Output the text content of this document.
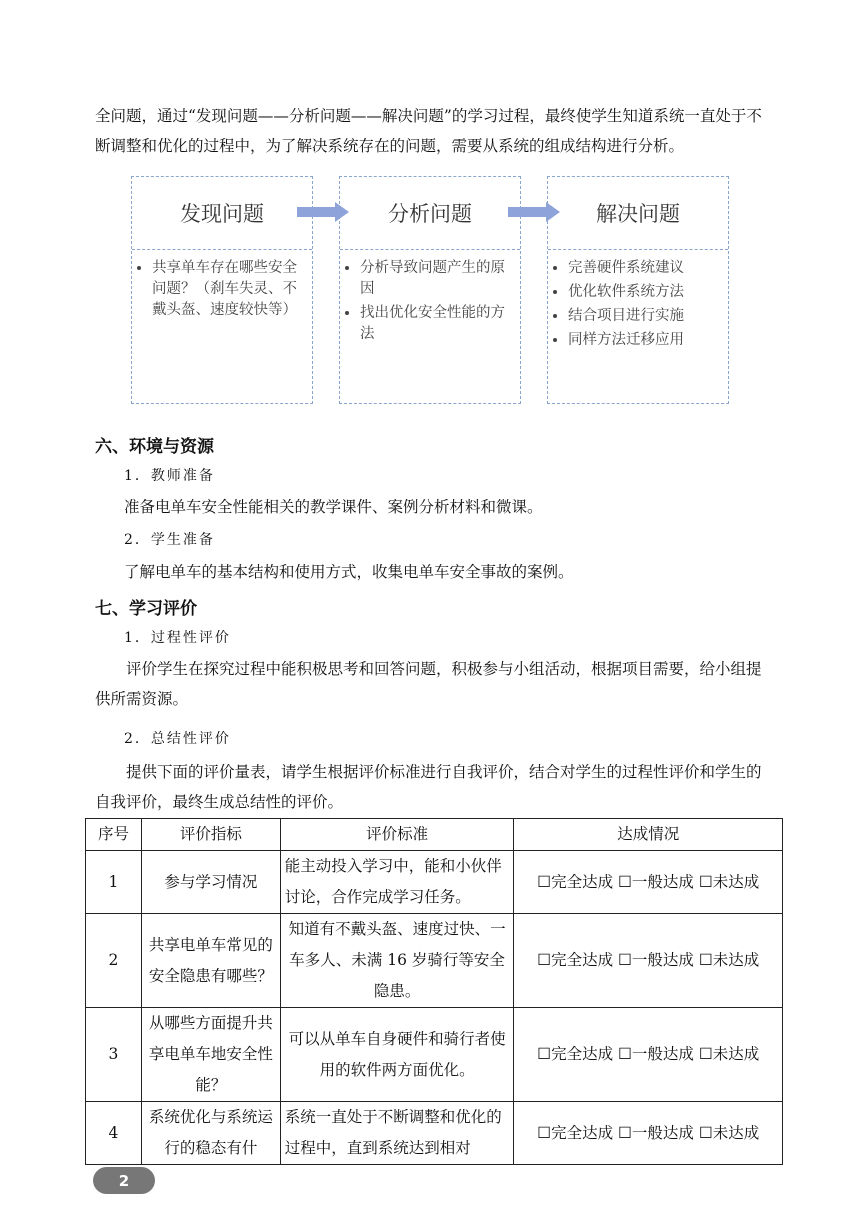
全问题，通过“发现问题——分析问题——解决问题”的学习过程，最终使学生知道系统一直处于不断调整和优化的过程中，为了解决系统存在的问题，需要从系统的组成结构进行分析。

发现问题
• 共享单车存在哪些安全问题？（刹车失灵、不戴头盔、速度较快等）
分析问题
• 分析导致问题产生的原因
• 找出优化安全性能的方法
解决问题
• 完善硬件系统建议
• 优化软件系统方法
• 结合项目进行实施
• 同样方法迁移应用
六、环境与资源

1．教师准备

准备电单车安全性能相关的教学课件、案例分析材料和微课。

2．学生准备

了解电单车的基本结构和使用方式，收集电单车安全事故的案例。

七、学习评价

1．过程性评价

评价学生在探究过程中能积极思考和回答问题，积极参与小组活动，根据项目需要，给小组提供所需资源。

2．总结性评价

提供下面的评价量表，请学生根据评价标准进行自我评价，结合对学生的过程性评价和学生的自我评价，最终生成总结性的评价。

序号	评价指标	评价标准	达成情况
1	参与学习情况	能主动投入学习中，能和小伙伴讨论，合作完成学习任务。	☐完全达成 ☐一般达成 ☐未达成
2	共享电单车常见的安全隐患有哪些？	知道有不戴头盔、速度过快、一车多人、未满 16 岁骑行等安全隐患。	☐完全达成 ☐一般达成 ☐未达成
3	从哪些方面提升共享电单车地安全性能？	可以从单车自身硬件和骑行者使用的软件两方面优化。	☐完全达成 ☐一般达成 ☐未达成
4	系统优化与系统运行的稳态有什	系统一直处于不断调整和优化的过程中，直到系统达到相对	☐完全达成 ☐一般达成 ☐未达成
2
